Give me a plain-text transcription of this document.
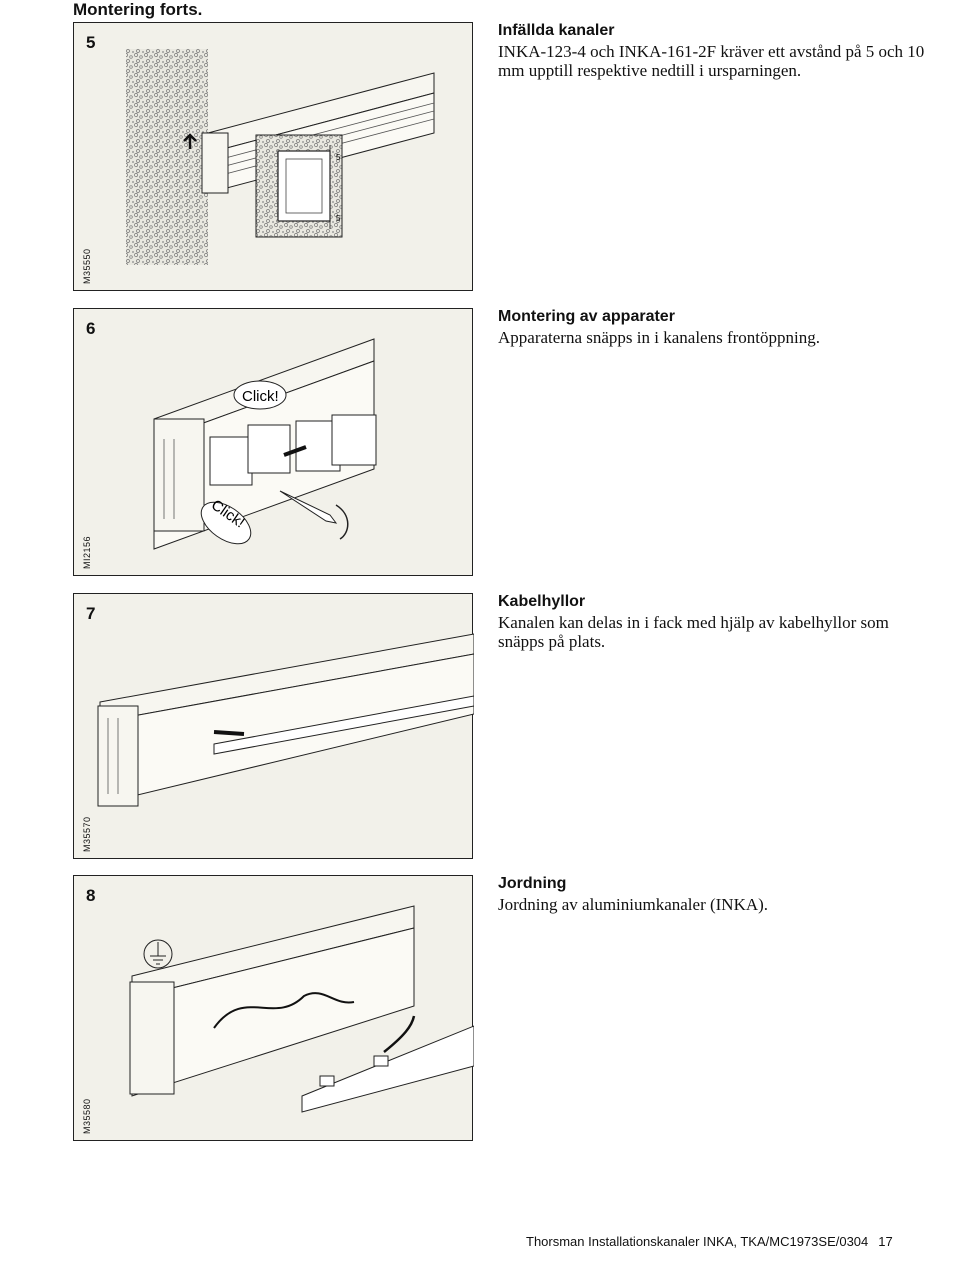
Montering forts.
5
5
5
M35550
Infällda kanaler
INKA-123-4 och INKA-161-2F kräver ett avstånd på 5 och 10 mm upptill respektive nedtill i ursparningen.
Click!
Click!
6
MI2156
Montering av apparater
Apparaterna snäpps in i kanalens frontöppning.
7
M35570
Kabelhyllor
Kanalen kan delas in i fack med hjälp av kabelhyllor som snäpps på plats.
8
M35580
Jordning
Jordning av aluminiumkanaler (INKA).
Thorsman Installationskanaler INKA, TKA/MC1973SE/0304 17
